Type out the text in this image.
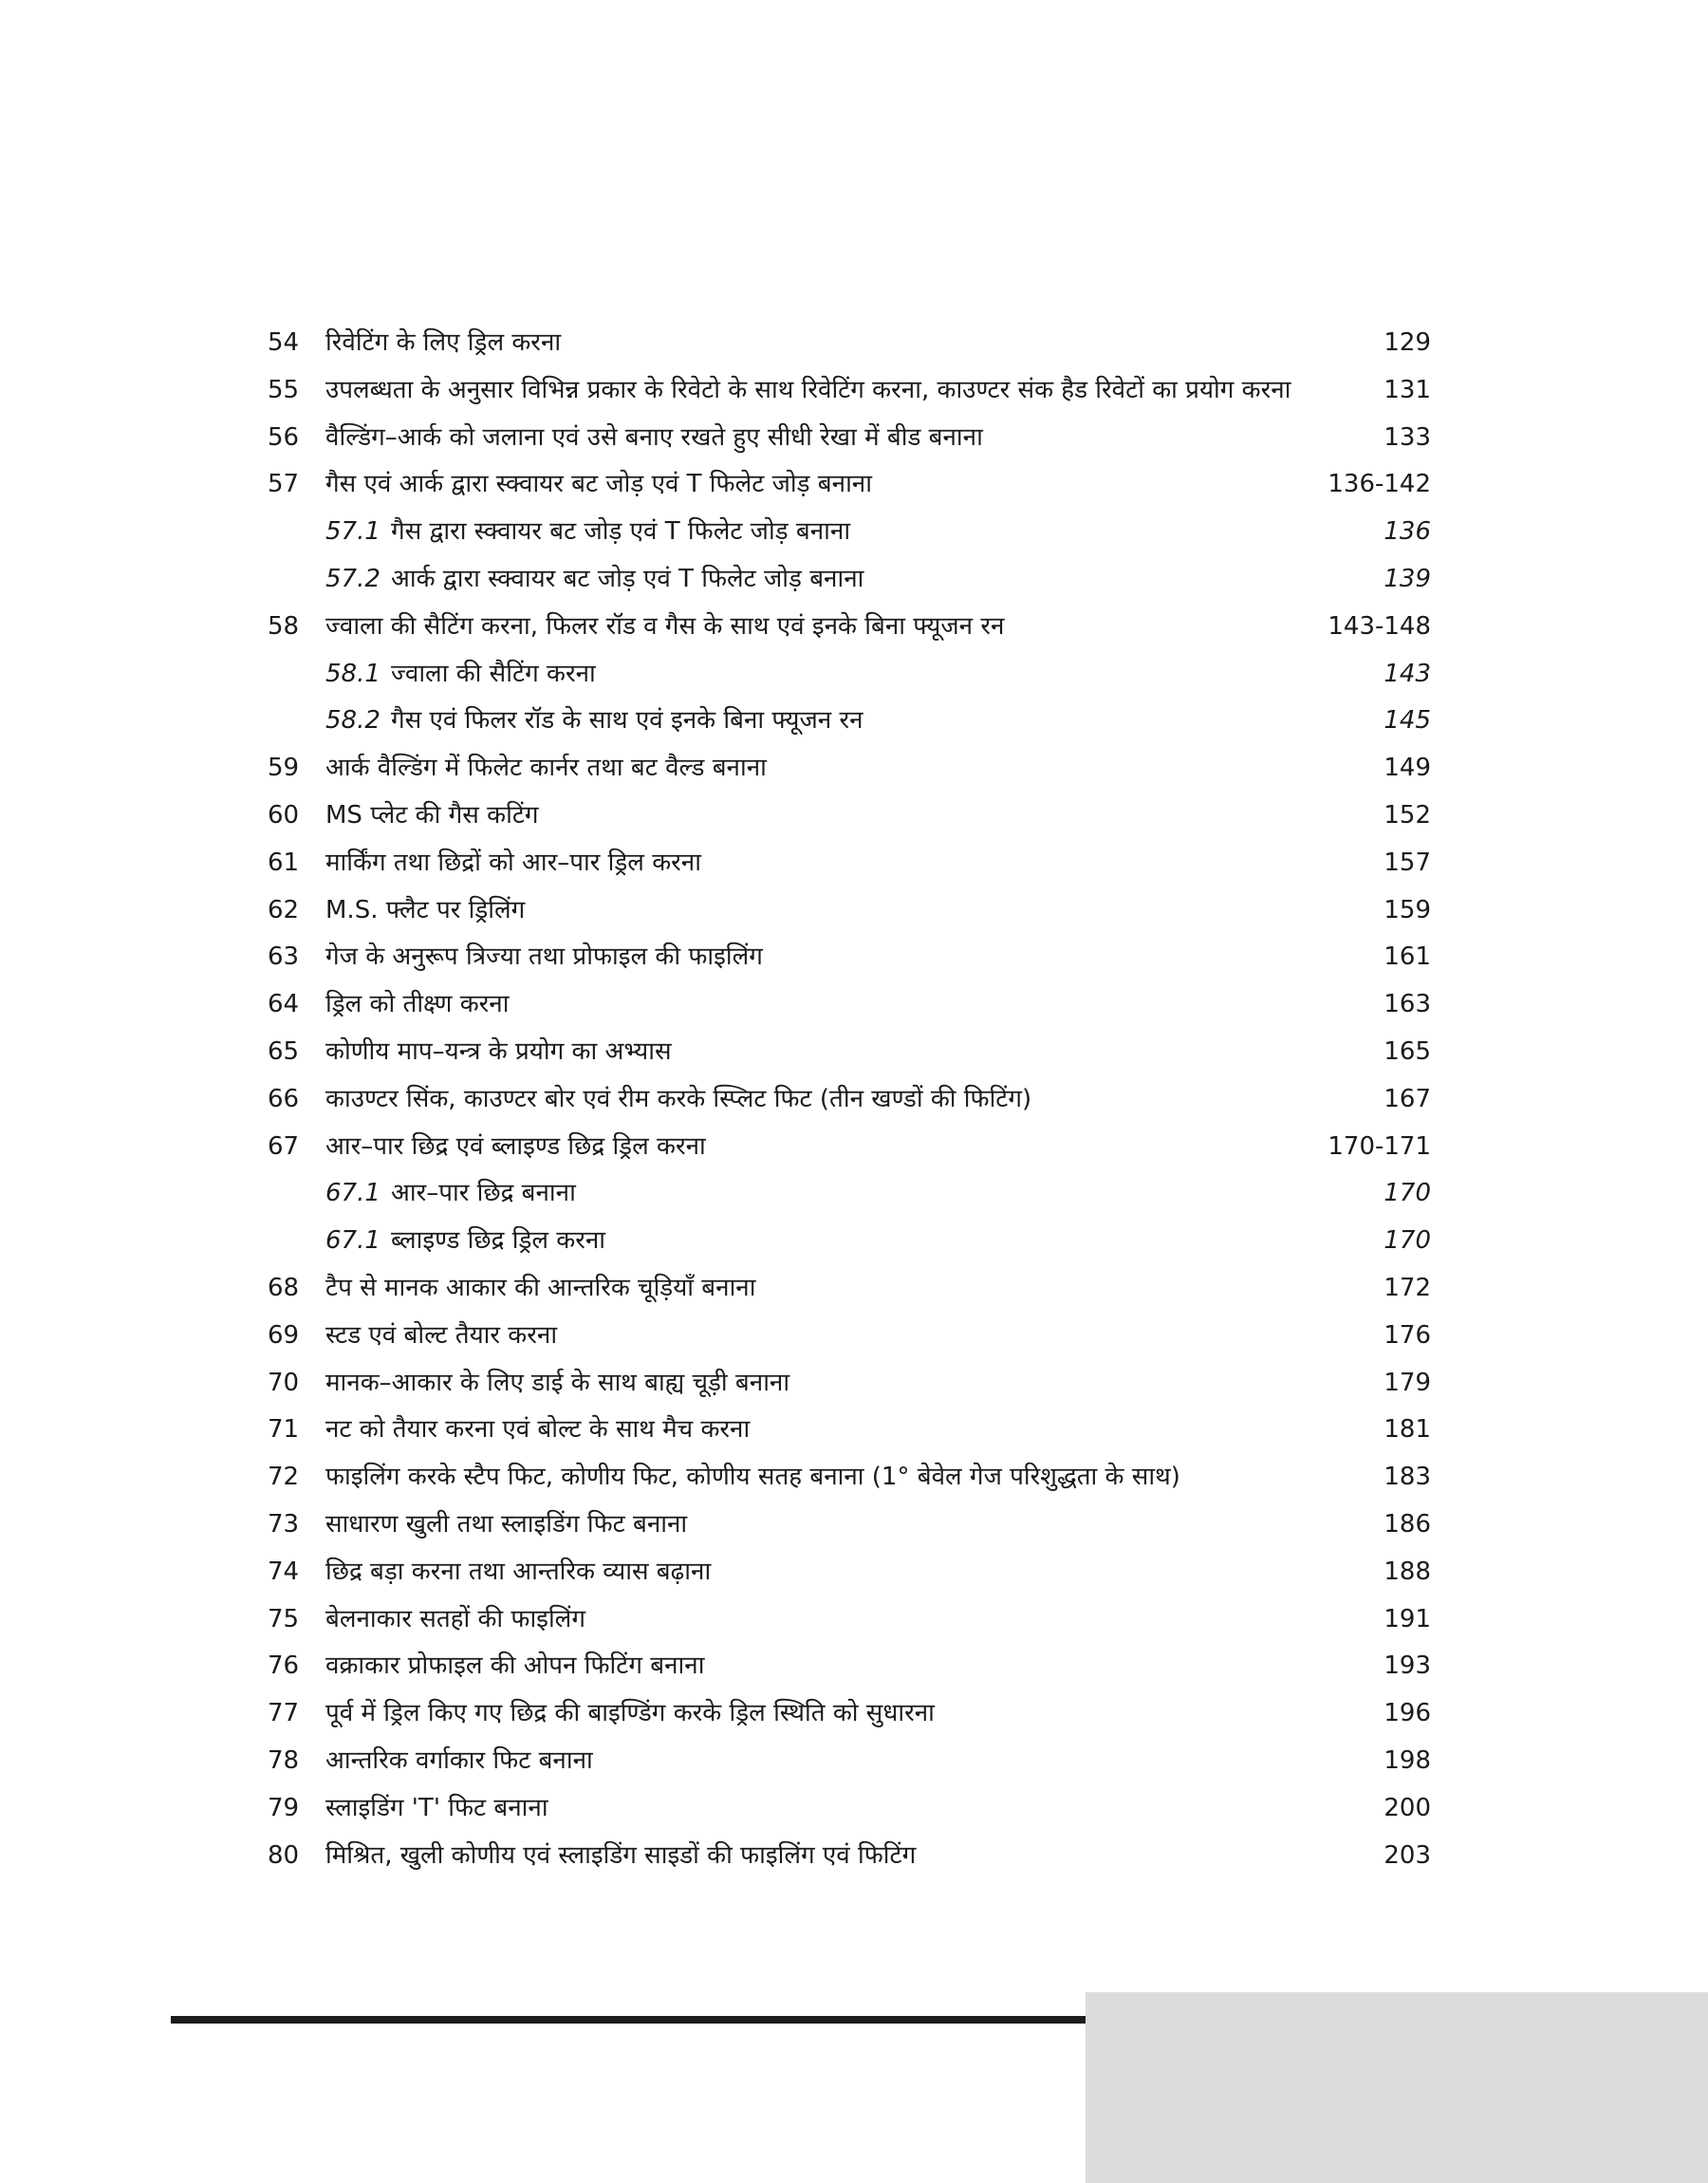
54 रिवेटिंग के लिए ड्रिल करना	129
55 उपलब्धता के अनुसार विभिन्न प्रकार के रिवेटो के साथ रिवेटिंग करना, काउण्टर संक हैड रिवेटों का प्रयोग करना	131
56 वैल्डिंग–आर्क को जलाना एवं उसे बनाए रखते हुए सीधी रेखा में बीड बनाना	133
57 गैस एवं आर्क द्वारा स्क्वायर बट जोड़ एवं T फिलेट जोड़ बनाना	136-142
57.1 गैस द्वारा स्क्वायर बट जोड़ एवं T फिलेट जोड़ बनाना	136
57.2 आर्क द्वारा स्क्वायर बट जोड़ एवं T फिलेट जोड़ बनाना	139
58 ज्वाला की सैटिंग करना, फिलर रॉड व गैस के साथ एवं इनके बिना फ्यूजन रन	143-148
58.1 ज्वाला की सैटिंग करना	143
58.2 गैस एवं फिलर रॉड के साथ एवं इनके बिना फ्यूजन रन	145
59 आर्क वैल्डिंग में फिलेट कार्नर तथा बट वैल्ड बनाना	149
60 MS प्लेट की गैस कटिंग	152
61 मार्किंग तथा छिद्रों को आर–पार ड्रिल करना	157
62 M.S. फ्लैट पर ड्रिलिंग	159
63 गेज के अनुरूप त्रिज्या तथा प्रोफाइल की फाइलिंग	161
64 ड्रिल को तीक्ष्ण करना	163
65 कोणीय माप–यन्त्र के प्रयोग का अभ्यास	165
66 काउण्टर सिंक, काउण्टर बोर एवं रीम करके स्प्लिट फिट (तीन खण्डों की फिटिंग)	167
67 आर–पार छिद्र एवं ब्लाइण्ड छिद्र ड्रिल करना	170-171
67.1 आर–पार छिद्र बनाना	170
67.1 ब्लाइण्ड छिद्र ड्रिल करना	170
68 टैप से मानक आकार की आन्तरिक चूड़ियाँ बनाना	172
69 स्टड एवं बोल्ट तैयार करना	176
70 मानक–आकार के लिए डाई के साथ बाह्य चूड़ी बनाना	179
71 नट को तैयार करना एवं बोल्ट के साथ मैच करना	181
72 फाइलिंग करके स्टैप फिट, कोणीय फिट, कोणीय सतह बनाना (1° बेवेल गेज परिशुद्धता के साथ)	183
73 साधारण खुली तथा स्लाइडिंग फिट बनाना	186
74 छिद्र बड़ा करना तथा आन्तरिक व्यास बढ़ाना	188
75 बेलनाकार सतहों की फाइलिंग	191
76 वक्राकार प्रोफाइल की ओपन फिटिंग बनाना	193
77 पूर्व में ड्रिल किए गए छिद्र की बाइण्डिंग करके ड्रिल स्थिति को सुधारना	196
78 आन्तरिक वर्गाकार फिट बनाना	198
79 स्लाइडिंग 'T' फिट बनाना	200
80 मिश्रित, खुली कोणीय एवं स्लाइडिंग साइडों की फाइलिंग एवं फिटिंग	203
